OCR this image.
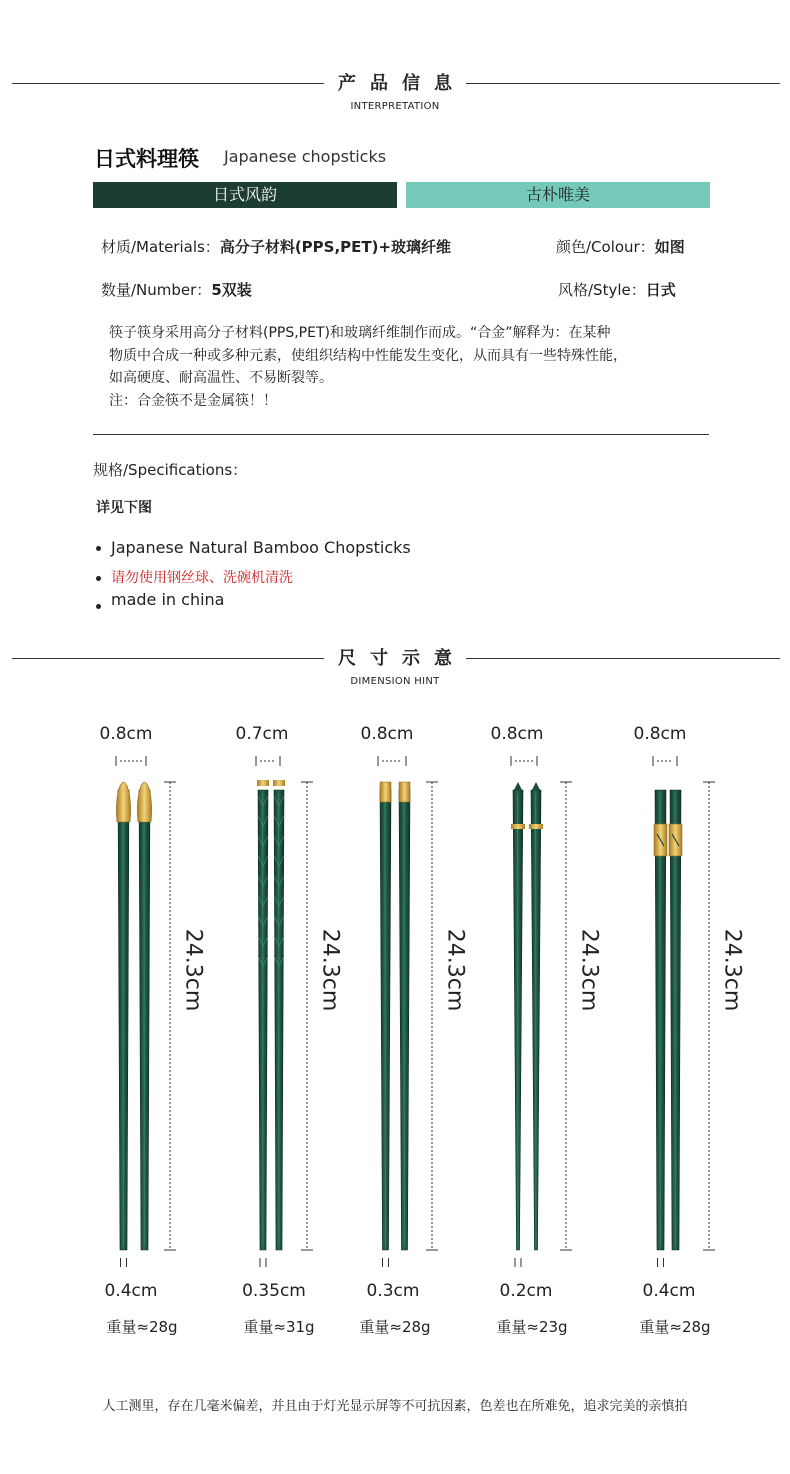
产品信息
INTERPRETATION
日式料理筷 Japanese chopsticks
日式风韵	古朴唯美
材质/Materials：高分子材料(PPS,PET)+玻璃纤维	颜色/Colour：如图
数量/Number：5双装	风格/Style：日式
筷子筷身采用高分子材料(PPS,PET)和玻璃纤维制作而成。“合金”解释为：在某种
物质中合成一种或多种元素，使组织结构中性能发生变化，从而具有一些特殊性能，
如高硬度、耐高温性、不易断裂等。
注：合金筷不是金属筷！！
规格/Specifications：
详见下图
Japanese Natural Bamboo Chopsticks
请勿使用钢丝球、洗碗机清洗
made in china
尺寸示意
DIMENSION HINT
0.8cm	0.7cm	0.8cm	0.8cm	0.8cm
24.3cm	24.3cm	24.3cm	24.3cm	24.3cm
0.4cm	0.35cm	0.3cm	0.2cm	0.4cm
重量≈28g	重量≈31g	重量≈28g	重量≈23g	重量≈28g
人工测里，存在几毫米偏差，并且由于灯光显示屏等不可抗因素，色差也在所难免，追求完美的亲慎拍
